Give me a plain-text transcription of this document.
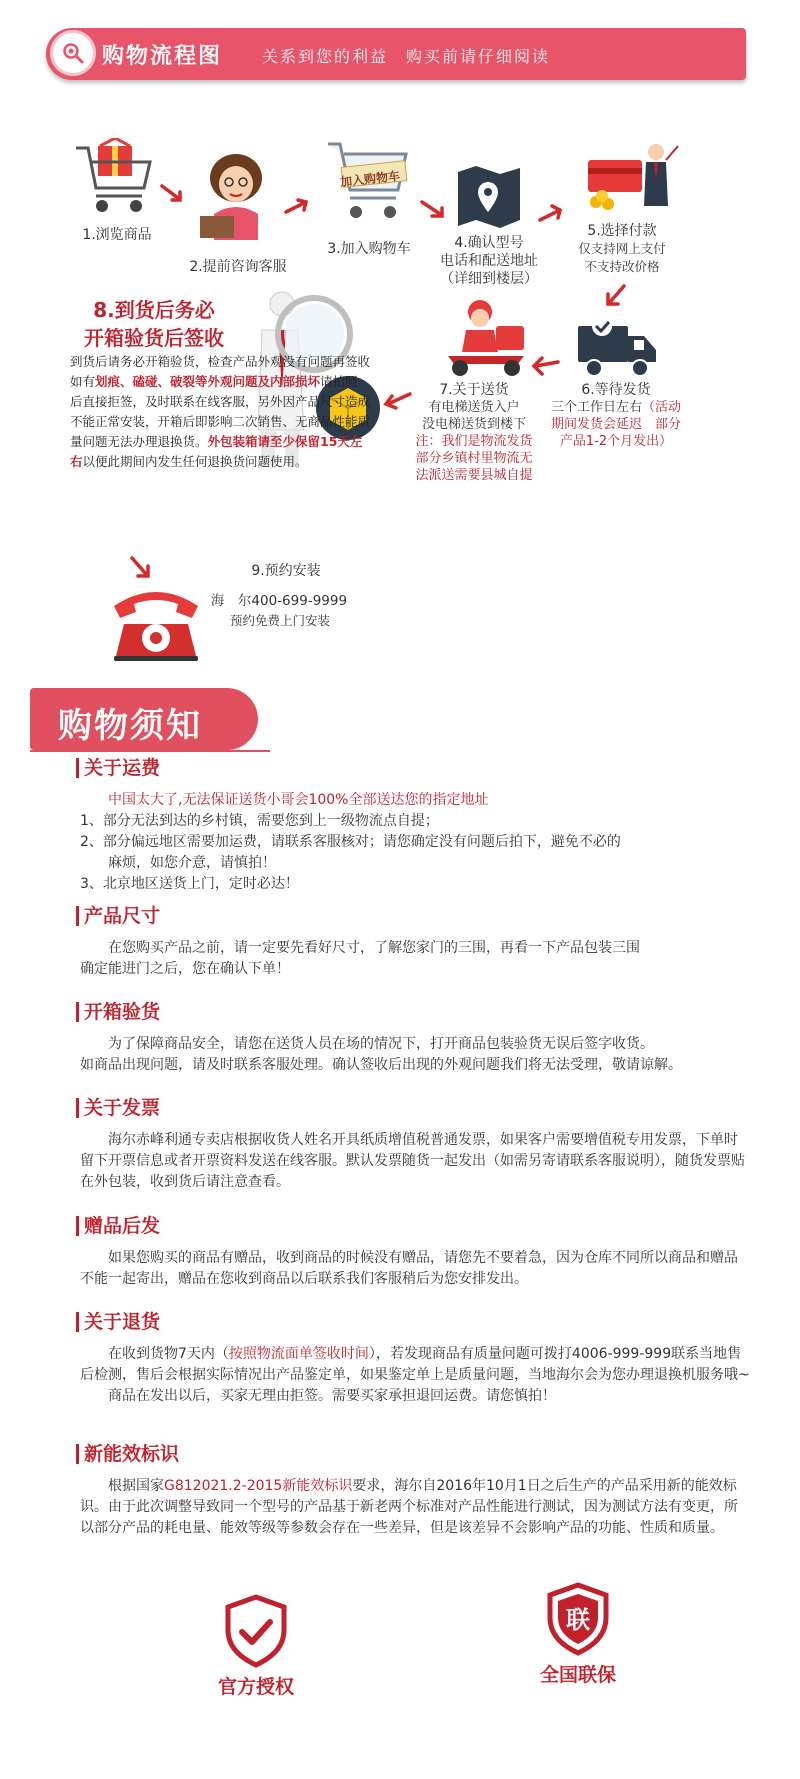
购物流程图 关系到您的利益　购买前请仔细阅读
1.浏览商品
2.提前咨询客服
加入购物车
3.加入购物车	4.确认型号
电话和配送地址
（详细到楼层）
5.选择付款
仅支持网上支付
不支持改价格
6.等待发货
三个工作日左右（活动
期间发货会延迟　部分
产品1-2个月发出）
7.关于送货
有电梯送货入户
没电梯送货到楼下
注：我们是物流发货
部分乡镇村里物流无
法派送需要县城自提
8.到货后务必
开箱验货后签收
到货后请务必开箱验货，检查产品外观没有问题再签收如有划痕、磕碰、破裂等外观问题及内部损坏请拍照后直接拒签，及时联系在线客服，另外因产品尺寸造成不能正常安装，开箱后即影响二次销售、无商品性能质量问题无法办理退换货。外包装箱请至少保留15天左右以便此期间内发生任何退换货问题使用。
9.预约安装
海　尔400-699-9999
预约免费上门安装
购物须知
关于运费

中国太大了,无法保证送货小哥会100%全部送达您的指定地址

1、部分无法到达的乡村镇，需要您到上一级物流点自提；

2、部分偏远地区需要加运费，请联系客服核对；请您确定没有问题后拍下，避免不必的

麻烦，如您介意，请慎拍！

3、北京地区送货上门，定时必达！

产品尺寸

在您购买产品之前，请一定要先看好尺寸，了解您家门的三围，再看一下产品包装三围

确定能进门之后，您在确认下单！

开箱验货

为了保障商品安全，请您在送货人员在场的情况下，打开商品包装验货无误后签字收货。

如商品出现问题，请及时联系客服处理。确认签收后出现的外观问题我们将无法受理，敬请谅解。

关于发票

海尔赤峰利通专卖店根据收货人姓名开具纸质增值税普通发票，如果客户需要增值税专用发票，下单时留下开票信息或者开票资料发送在线客服。默认发票随货一起发出（如需另寄请联系客服说明），随货发票贴在外包装，收到货后请注意查看。

赠品后发

如果您购买的商品有赠品，收到商品的时候没有赠品，请您先不要着急，因为仓库不同所以商品和赠品不能一起寄出，赠品在您收到商品以后联系我们客服稍后为您安排发出。

关于退货

在收到货物7天内（按照物流面单签收时间），若发现商品有质量问题可拨打4006-999-999联系当地售后检测，售后会根据实际情况出产品鉴定单，如果鉴定单上是质量问题，当地海尔会为您办理退换机服务哦~

商品在发出以后，买家无理由拒签。需要买家承担退回运费。请您慎拍！

新能效标识

根据国家G812021.2-2015新能效标识要求，海尔自2016年10月1日之后生产的产品采用新的能效标识。由于此次调整导致同一个型号的产品基于新老两个标准对产品性能进行测试，因为测试方法有变更，所以部分产品的耗电量、能效等级等参数会存在一些差异，但是该差异不会影响产品的功能、性质和质量。

官方授权
联
全国联保
